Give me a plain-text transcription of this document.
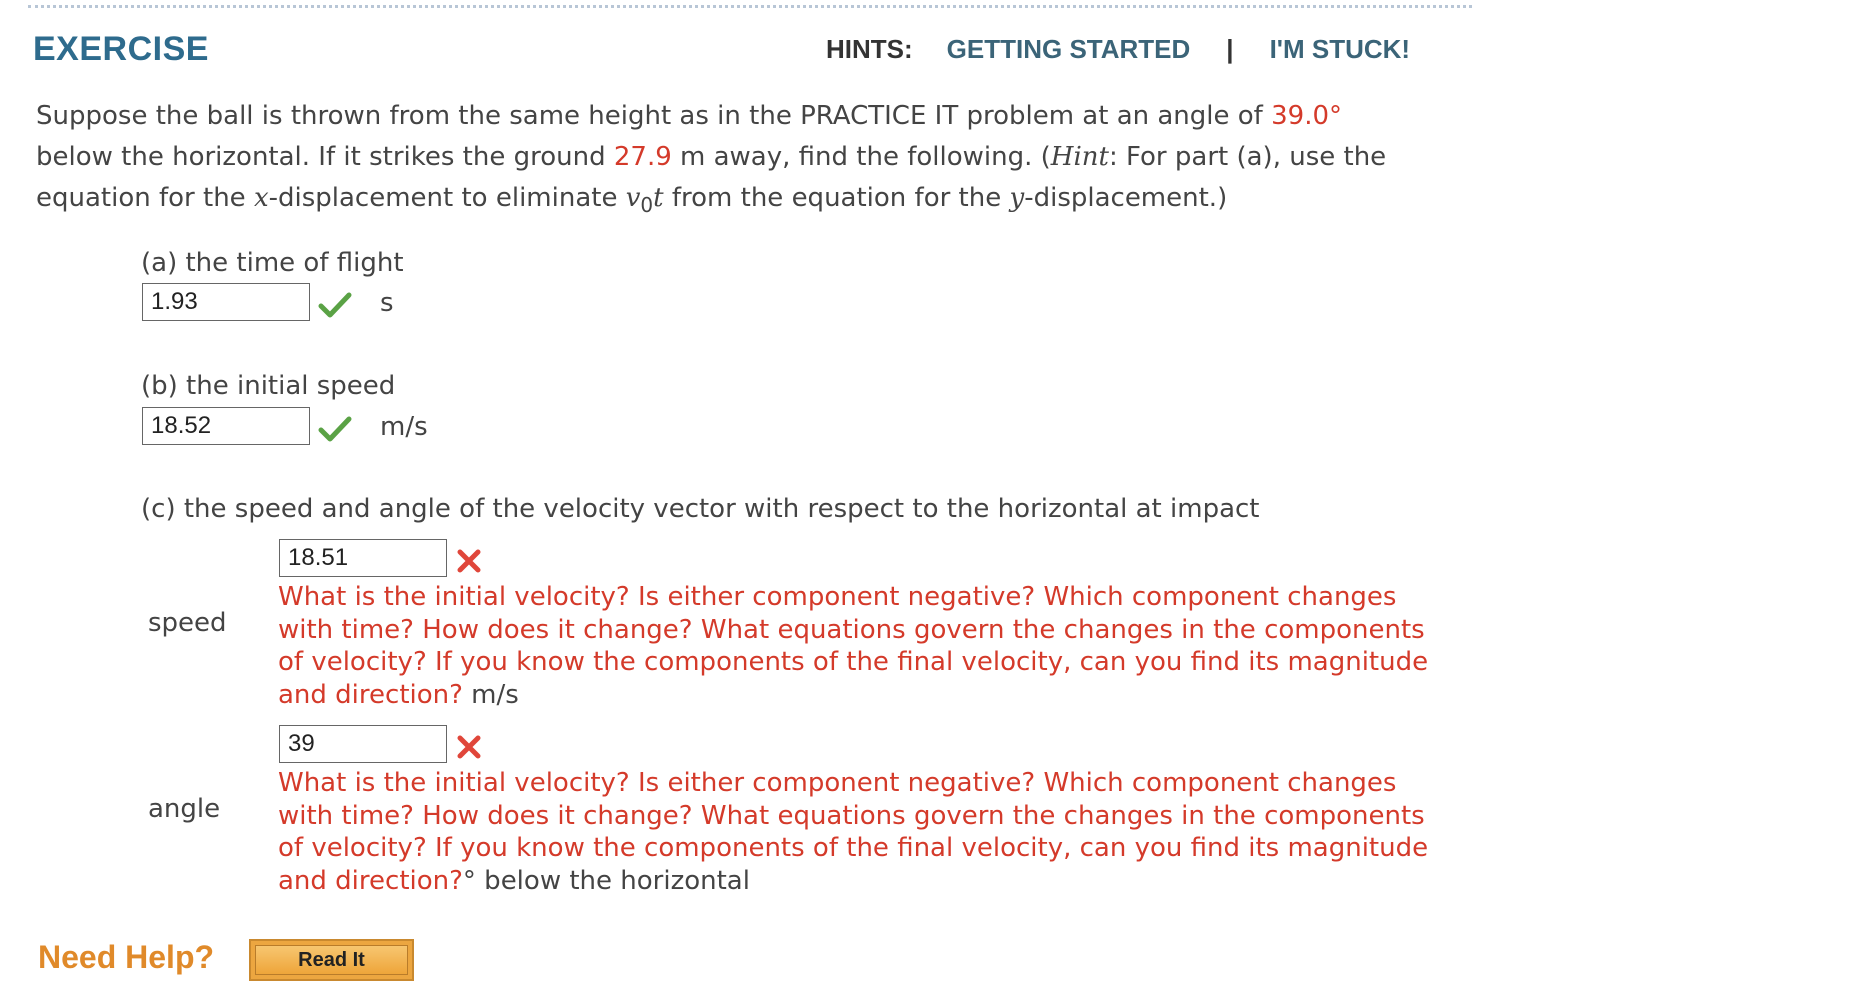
EXERCISE	HINTS: GETTING STARTED | I'M STUCK!
Suppose the ball is thrown from the same height as in the PRACTICE IT problem at an angle of 39.0°
below the horizontal. If it strikes the ground 27.9 m away, find the following. (Hint: For part (a), use the equation for the x-displacement to eliminate $v_0t$ from the equation for the y-displacement.)
(a) the time of flight
1.93
s
(b) the initial speed
18.52
m/s
(c) the speed and angle of the velocity vector with respect to the horizontal at impact
speed
18.51
What is the initial velocity? Is either component negative? Which component changes with time? How does it change? What equations govern the changes in the components of velocity? If you know the components of the final velocity, can you find its magnitude and direction? m/s
angle
39
What is the initial velocity? Is either component negative? Which component changes with time? How does it change? What equations govern the changes in the components of velocity? If you know the components of the final velocity, can you find its magnitude and direction?° below the horizontal
Need Help?	Read It
